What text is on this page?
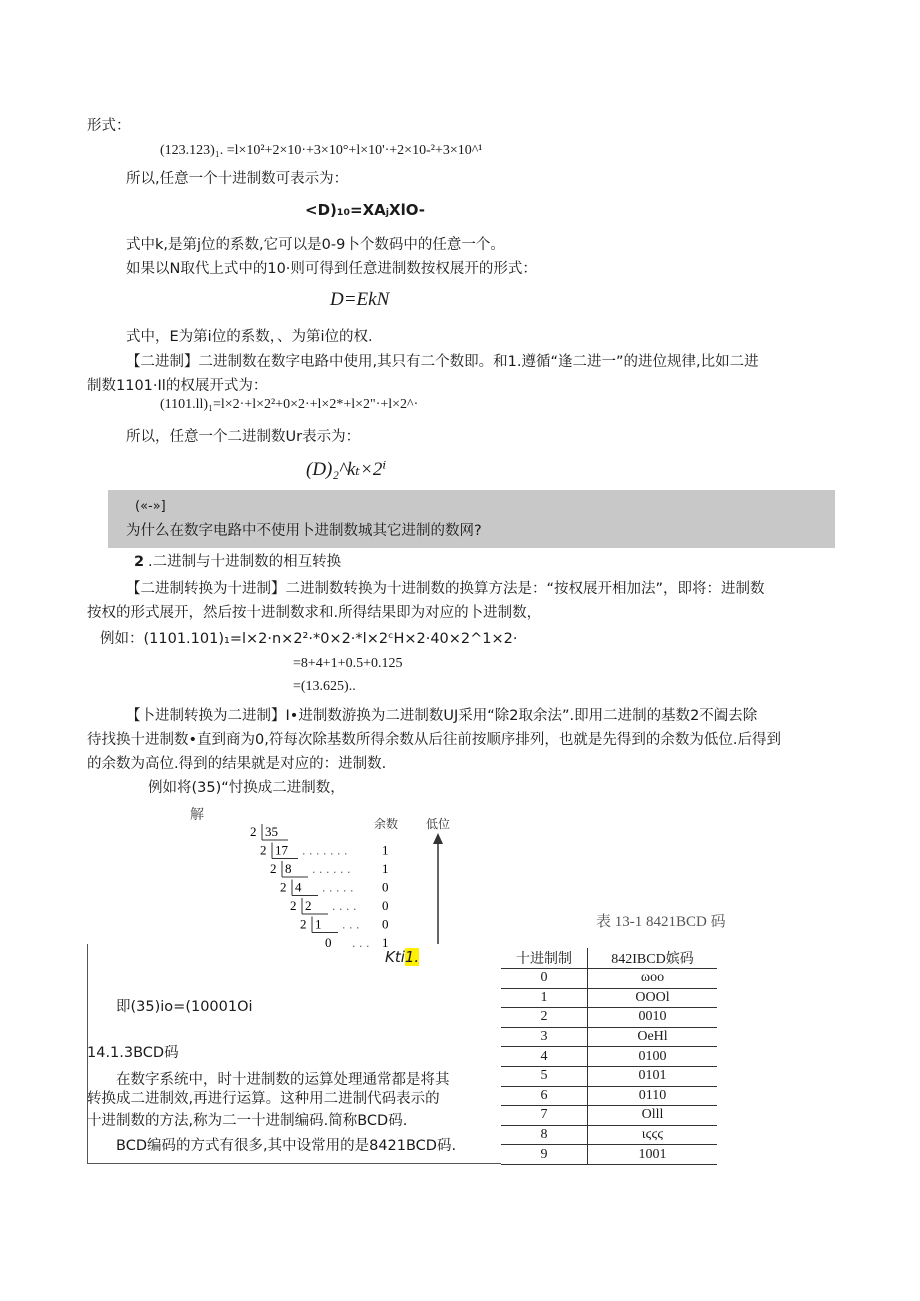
形式：
(123.123)₁. =l×10²+2×10·+3×10°+l×10'·+2×10-²+3×10^¹
所以,任意一个十进制数可表示为：
<D)₁₀=XAⱼXlO-
式中k,是第j位的系数,它可以是0-9卜个数码中的任意一个。
如果以N取代上式中的10·则可得到任意进制数按权展开的形式：
D=EkN
式中，E为第i位的系数，、为第i位的权.
【二进制】二进制数在数字电路中使用,其只有二个数即。和1.遵循“逢二进一”的进位规律,比如二进
制数1101·Il的权展开式为：
(1101.ll)₁=l×2·+l×2²+0×2·+l×2*+l×2"·+l×2^·
所以，任意一个二进制数Ur表示为：
(D)₂^kₜ×2ⁱ
(«-»]
为什么在数字电路中不使用卜进制数城其它进制的数网?
2 .二进制与十进制数的相互转换
【二进制转换为十进制】二进制数转换为十进制数的换算方法是：“按权展开相加法”，即将：进制数
按权的形式展开，然后按十进制数求和.所得结果即为对应的卜进制数，
例如：(1101.101)₁=l×2·n×2²·*0×2·*l×2ᶜH×2·40×2^1×2·
=8+4+1+0.5+0.125
=(13.625)..
【卜进制转换为二进制】I•进制数游换为二进制数UJ采用“除2取余法”.即用二进制的基数2不阖去除
待找换十进制数•直到商为0,符每次除基数所得余数从后往前按顺序排列，也就是先得到的余数为低位.后得到
的余数为高位.得到的结果就是对应的：进制数.
例如将(35)“忖换成二进制数，
解
余数 低位
2 35
2 17 . . . . . . .	1
2 8 . . . . . . 1
2 4 . . . . . 0
2 2 . . . . 0
2 1 . . . 0
0 . . . 1
表 13-1 8421BCD 码
Kti1.
即(35)io=(10001Oi
14.1.3BCD码
在数字系统中，时十进制数的运算处理通常都是将其
转换成二进制效,再进行运算。这种用二进制代码表示的
十进制数的方法,称为二一十进制编码.简称BCD码.
BCD编码的方式有很多,其中设常用的是8421BCD码.
十进制制	842IBCD嫔码
0	ωoo
1	OOOl
2	0010
3	OeHl
4	0100
5	0101
6	0110
7	Olll
8	ιϛϛϛ
9	1001
